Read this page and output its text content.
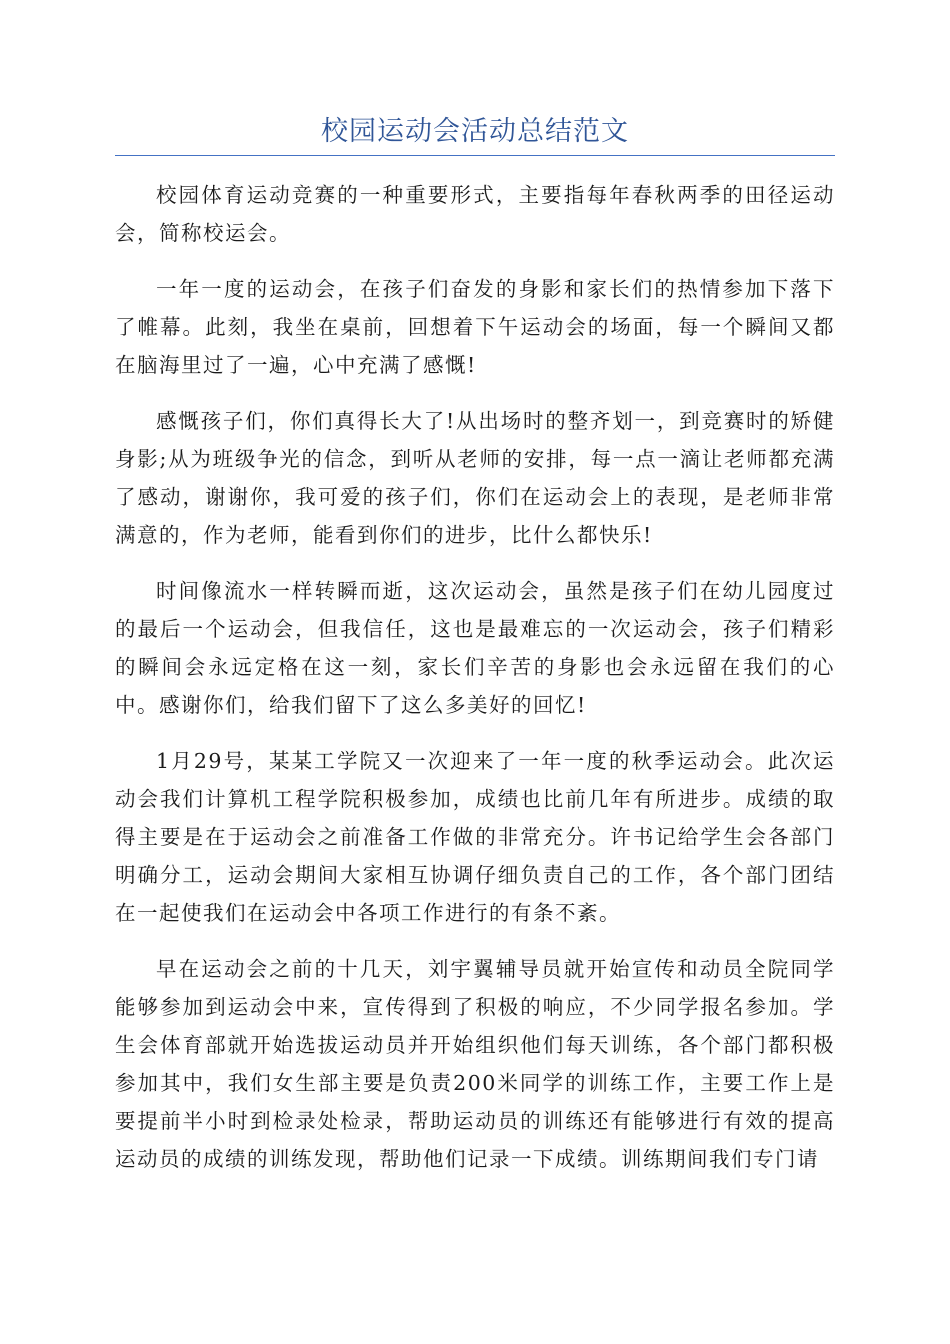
校园运动会活动总结范文

校园体育运动竞赛的一种重要形式，主要指每年春秋两季的田径运动会，简称校运会。

一年一度的运动会，在孩子们奋发的身影和家长们的热情参加下落下了帷幕。此刻，我坐在桌前，回想着下午运动会的场面，每一个瞬间又都在脑海里过了一遍，心中充满了感慨!

感慨孩子们，你们真得长大了!从出场时的整齐划一，到竞赛时的矫健身影;从为班级争光的信念，到听从老师的安排，每一点一滴让老师都充满了感动，谢谢你，我可爱的孩子们，你们在运动会上的表现，是老师非常满意的，作为老师，能看到你们的进步，比什么都快乐!

时间像流水一样转瞬而逝，这次运动会，虽然是孩子们在幼儿园度过的最后一个运动会，但我信任，这也是最难忘的一次运动会，孩子们精彩的瞬间会永远定格在这一刻，家长们辛苦的身影也会永远留在我们的心中。感谢你们，给我们留下了这么多美好的回忆!

1月29号，某某工学院又一次迎来了一年一度的秋季运动会。此次运动会我们计算机工程学院积极参加，成绩也比前几年有所进步。成绩的取得主要是在于运动会之前准备工作做的非常充分。许书记给学生会各部门明确分工，运动会期间大家相互协调仔细负责自己的工作，各个部门团结在一起使我们在运动会中各项工作进行的有条不紊。

早在运动会之前的十几天，刘宇翼辅导员就开始宣传和动员全院同学能够参加到运动会中来，宣传得到了积极的响应，不少同学报名参加。学生会体育部就开始选拔运动员并开始组织他们每天训练，各个部门都积极参加其中，我们女生部主要是负责200米同学的训练工作，主要工作上是要提前半小时到检录处检录，帮助运动员的训练还有能够进行有效的提高运动员的成绩的训练发现，帮助他们记录一下成绩。训练期间我们专门请
